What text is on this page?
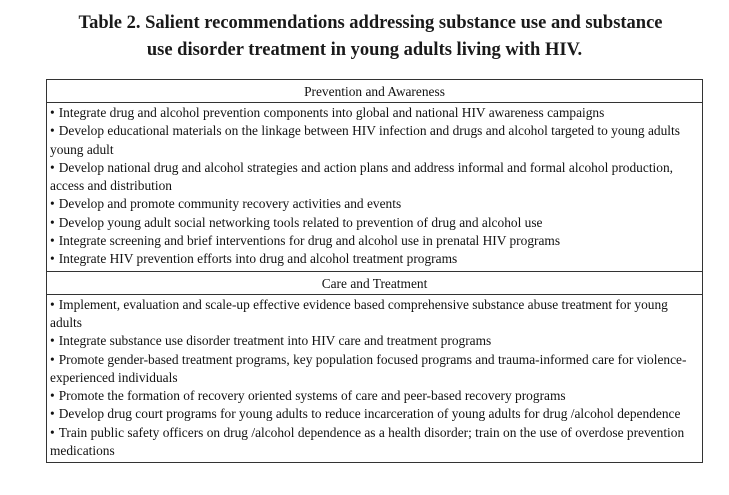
Table 2. Salient recommendations addressing substance use and substance
use disorder treatment in young adults living with HIV.
Prevention and Awareness

• Integrate drug and alcohol prevention components into global and national HIV awareness campaigns

• Develop educational materials on the linkage between HIV infection and drugs and alcohol targeted to young adults young adult

• Develop national drug and alcohol strategies and action plans and address informal and formal alcohol production, access and distribution

• Develop and promote community recovery activities and events

• Develop young adult social networking tools related to prevention of drug and alcohol use

• Integrate screening and brief interventions for drug and alcohol use in prenatal HIV programs

• Integrate HIV prevention efforts into drug and alcohol treatment programs

Care and Treatment

• Implement, evaluation and scale-up effective evidence based comprehensive substance abuse treatment for young adults

• Integrate substance use disorder treatment into HIV care and treatment programs

• Promote gender-based treatment programs, key population focused programs and trauma-informed care for violence-experienced individuals

• Promote the formation of recovery oriented systems of care and peer-based recovery programs

• Develop drug court programs for young adults to reduce incarceration of young adults for drug /alcohol dependence

• Train public safety officers on drug /alcohol dependence as a health disorder; train on the use of overdose prevention medications
